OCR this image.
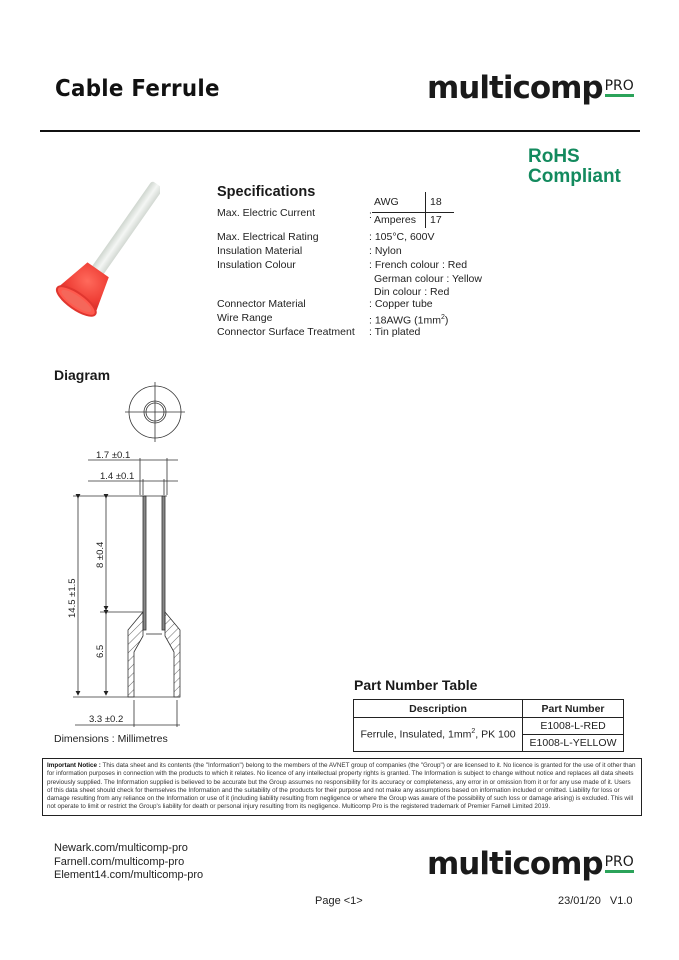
Cable Ferrule	multicomp PRO
RoHS
Compliant
Specifications
Max. Electric Current	:
AWG	18
Amperes 17
Max. Electrical Rating	: 105°C, 600V
Insulation Material	: Nylon
Insulation Colour	: French colour : Red
German colour : Yellow
Din colour : Red
Connector Material	: Copper tube
Wire Range	: 18AWG $(1mm^2)$
Connector Surface Treatment : Tin plated
Diagram
1.7 ±0.1
1.4 ±0.1
3.3 ±0.2
14.5 ±1.5
8 ±0.4
6.5
Dimensions : Millimetres
Part Number Table
Description	Part Number
Ferrule, Insulated, $1mm^2$, PK 100	E1008-L-RED
	E1008-L-YELLOW
Important Notice : This data sheet and its contents (the "Information") belong to the members of the AVNET group of companies (the "Group") or are licensed to it. No licence is granted for the use of it other than for information purposes in connection with the products to which it relates. No licence of any intellectual property rights is granted. The Information is subject to change without notice and replaces all data sheets previously supplied. The Information supplied is believed to be accurate but the Group assumes no responsibility for its accuracy or completeness, any error in or omission from it or for any use made of it. Users of this data sheet should check for themselves the Information and the suitability of the products for their purpose and not make any assumptions based on information included or omitted. Liability for loss or damage resulting from any reliance on the Information or use of it (including liability resulting from negligence or where the Group was aware of the possibility of such loss or damage arising) is excluded. This will not operate to limit or restrict the Group's liability for death or personal injury resulting from its negligence. Multicomp Pro is the registered trademark of Premier Farnell Limited 2019.
Newark.com/multicomp-pro
Farnell.com/multicomp-pro
Element14.com/multicomp-pro	multicomp PRO
Page <1>	23/01/20 V1.0
